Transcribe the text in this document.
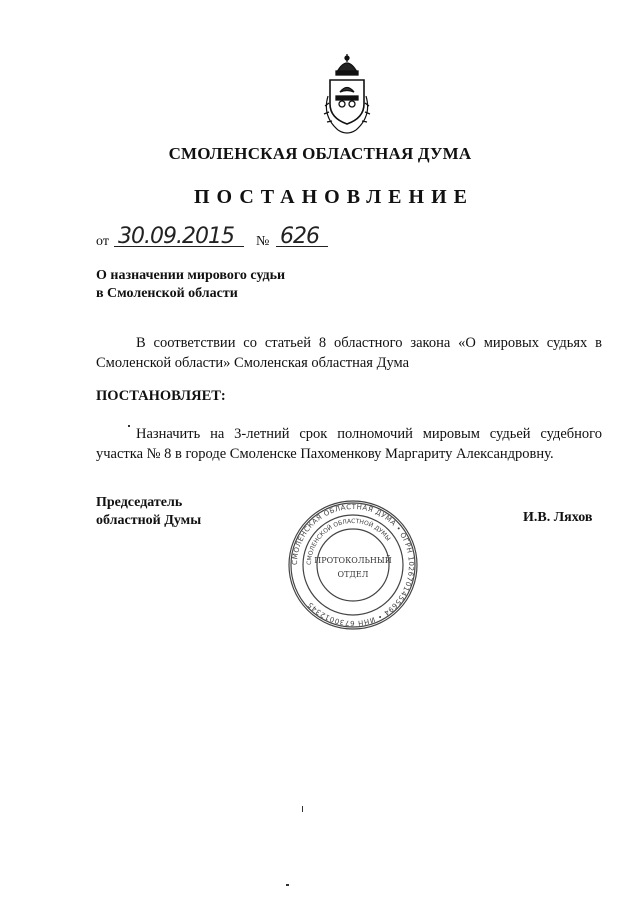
СМОЛЕНСКАЯ ОБЛАСТНАЯ ДУМА
ПОСТАНОВЛЕНИЕ
от 30.09.2015 № 626
О назначении мирового судьи
в Смоленской области
В соответствии со статьей 8 областного закона «О мировых судьях в Смоленской области» Смоленская областная Дума
ПОСТАНОВЛЯЕТ:
Назначить на 3-летний срок полномочий мировым судьей судебного участка № 8 в городе Смоленске Пахоменкову Маргариту Александровну.
Председатель
областной Думы	И.В. Ляхов
СМОЛЕНСКАЯ ОБЛАСТНАЯ ДУМА • ОГРН 1026701455694 • ИНН 6730012345
СМОЛЕНСКОЙ ОБЛАСТНОЙ ДУМЫ
ПРОТОКОЛЬНЫЙ
ОТДЕЛ
